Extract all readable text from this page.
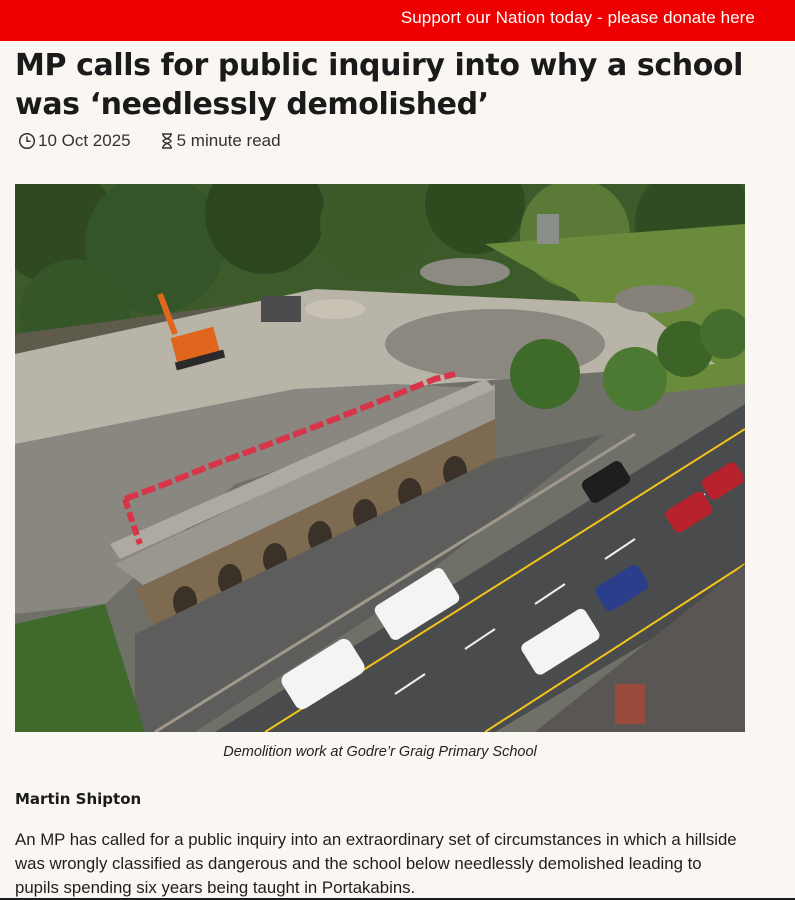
Support our Nation today - please donate here
MP calls for public inquiry into why a school was ‘needlessly demolished’
10 Oct 2025	5 minute read

Demolition work at Godre’r Graig Primary School

Martin Shipton

An MP has called for a public inquiry into an extraordinary set of circumstances in which a hillside was wrongly classified as dangerous and the school below needlessly demolished leading to pupils spending six years being taught in Portakabins.
